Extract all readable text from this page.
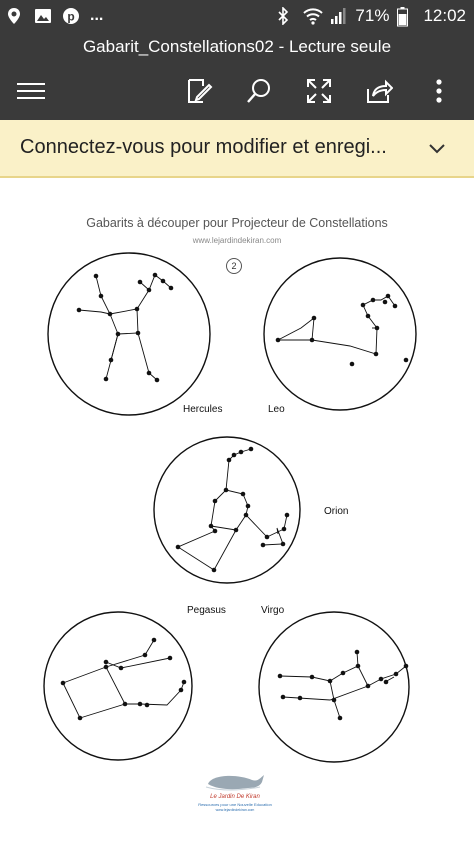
p ...	71% 12:02
Gabarit_Constellations02 - Lecture seule
Connectez-vous pour modifier et enregi...
Gabarits à découper pour Projecteur de Constellations
www.lejardindekiran.com
2
Hercules	Leo
Orion
Pegasus	Virgo
Le Jardin De Kiran
Ressources pour une Nouvelle Education
www.lejardindekiran.com
